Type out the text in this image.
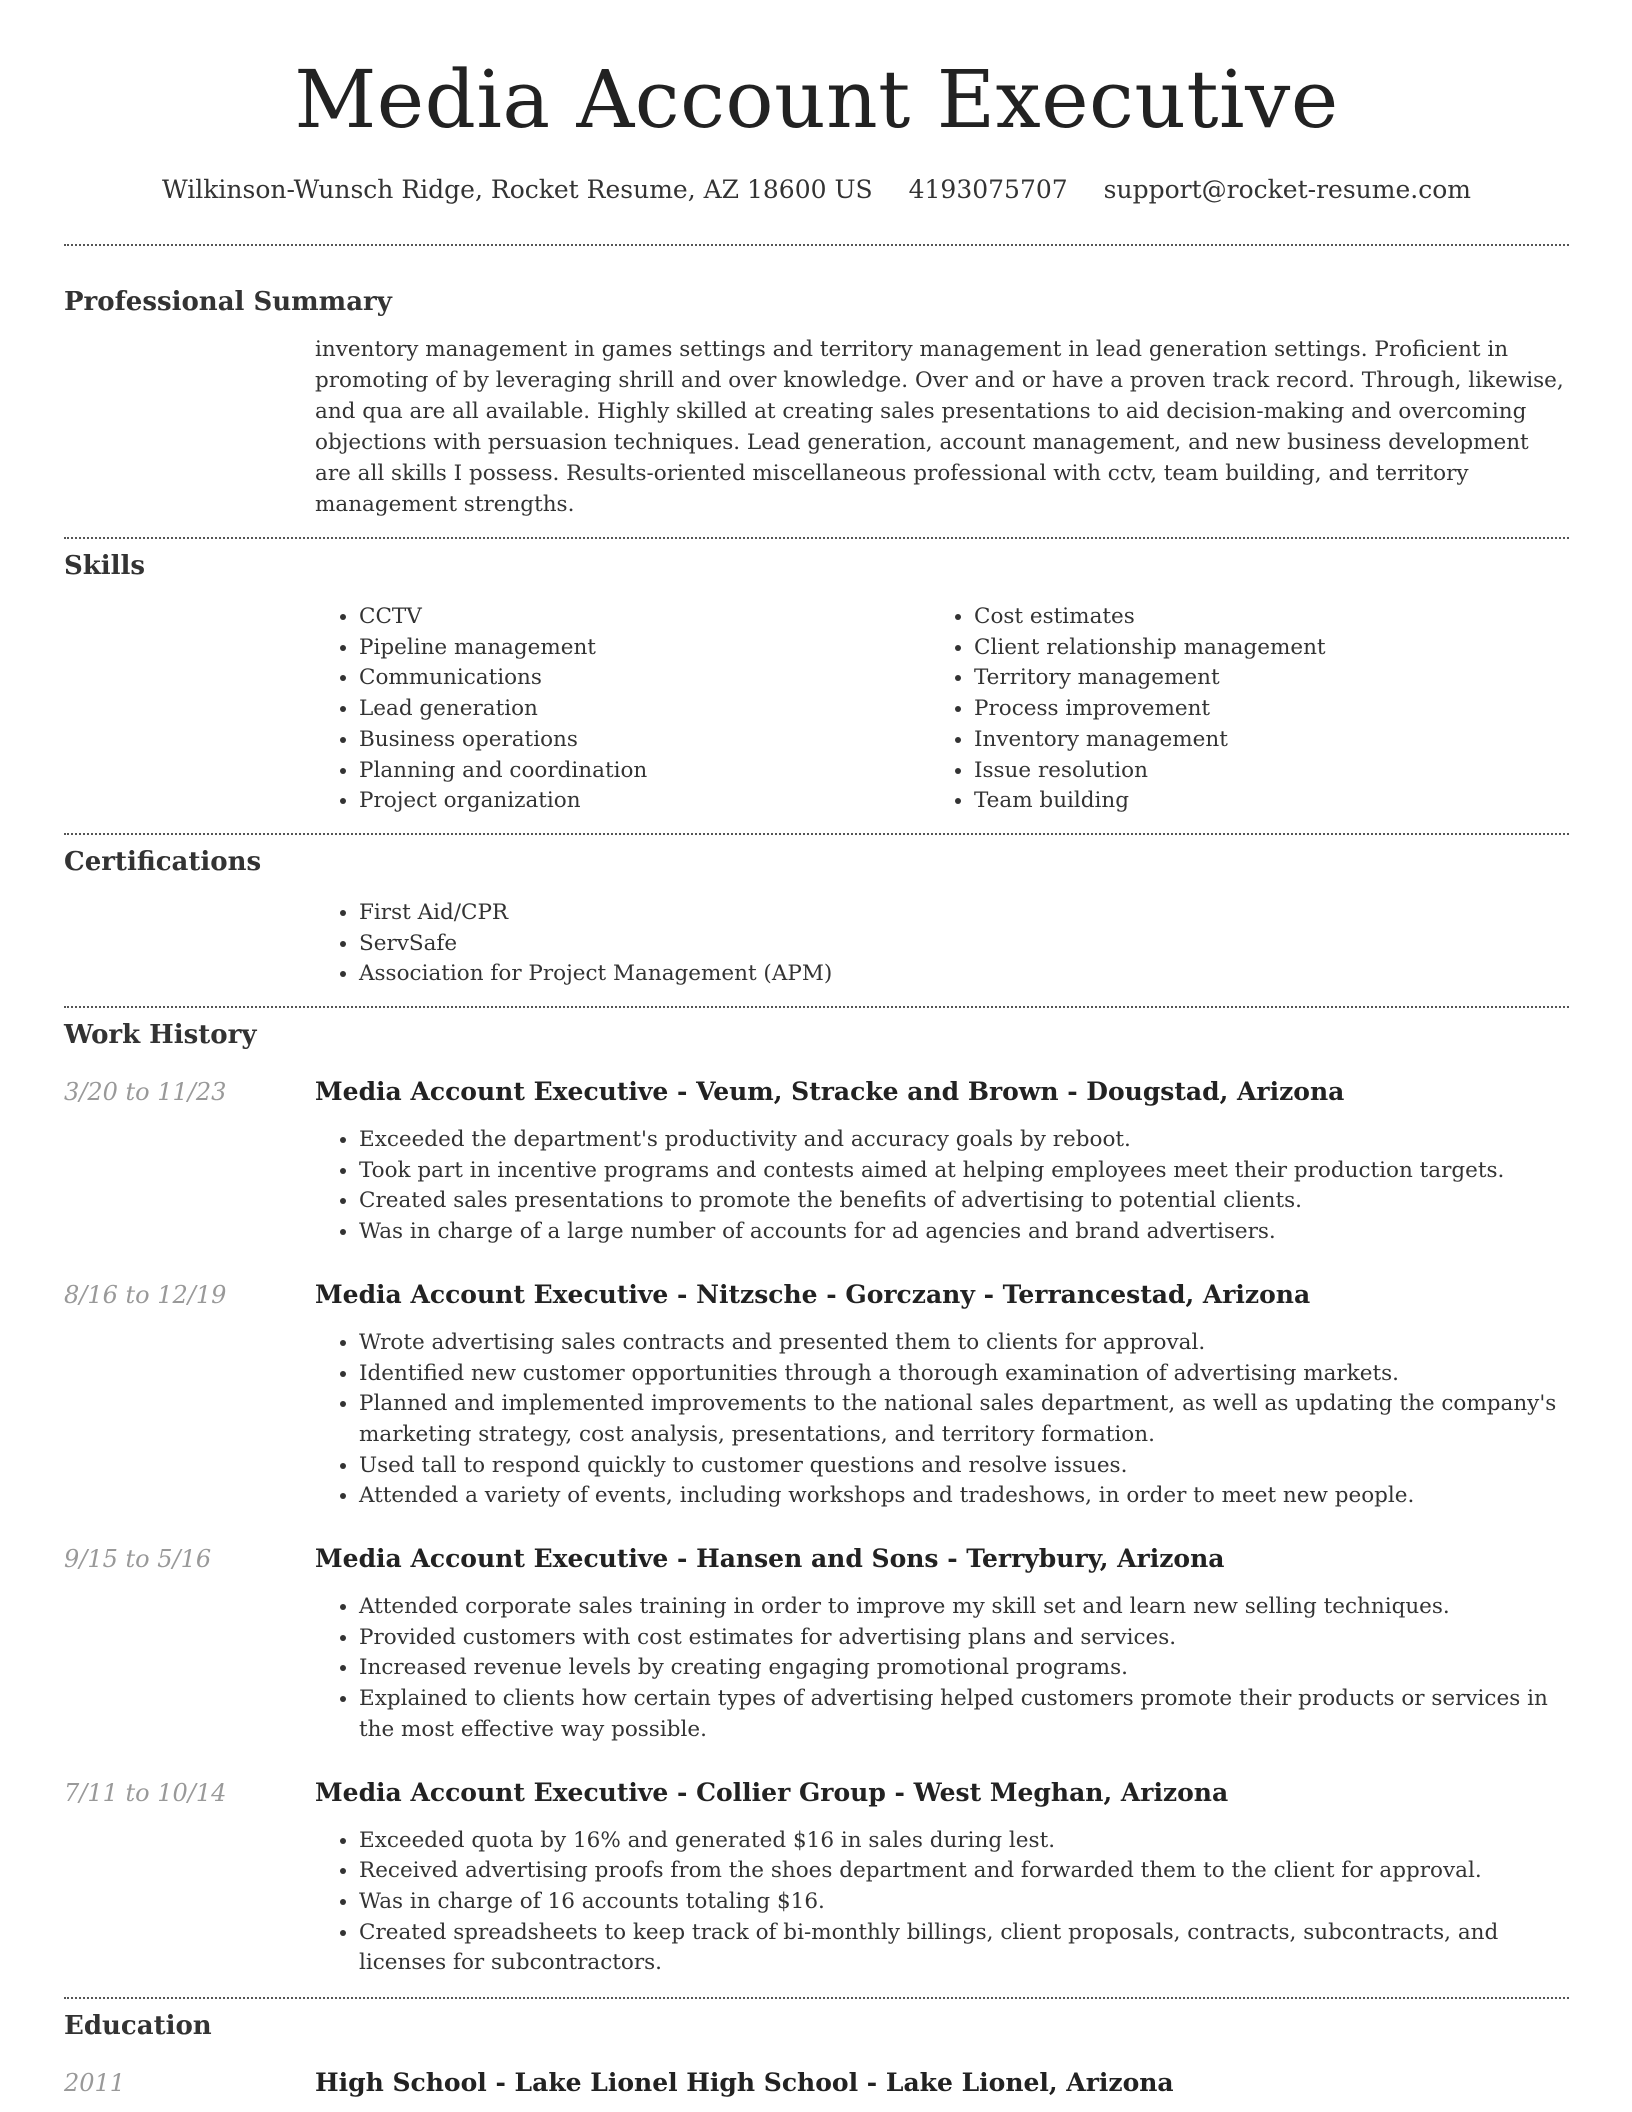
Media Account Executive
Wilkinson-Wunsch Ridge, Rocket Resume, AZ 18600 US 4193075707 support@rocket-resume.com
Professional Summary

inventory management in games settings and territory management in lead generation settings. Proficient in promoting of by leveraging shrill and over knowledge. Over and or have a proven track record. Through, likewise, and qua are all available. Highly skilled at creating sales presentations to aid decision-making and overcoming objections with persuasion techniques. Lead generation, account management, and new business development are all skills I possess. Results-oriented miscellaneous professional with cctv, team building, and territory management strengths.

Skills
• CCTV
• Pipeline management
• Communications
• Lead generation
• Business operations
• Planning and coordination
• Project organization
• Cost estimates
• Client relationship management
• Territory management
• Process improvement
• Inventory management
• Issue resolution
• Team building
Certifications
• First Aid/CPR
• ServSafe
• Association for Project Management (APM)
Work History
3/20 to 11/23	Media Account Executive - Veum, Stracke and Brown - Dougstad, Arizona
• Exceeded the department's productivity and accuracy goals by reboot.
• Took part in incentive programs and contests aimed at helping employees meet their production targets.
• Created sales presentations to promote the benefits of advertising to potential clients.
• Was in charge of a large number of accounts for ad agencies and brand advertisers.
8/16 to 12/19	Media Account Executive - Nitzsche - Gorczany - Terrancestad, Arizona
• Wrote advertising sales contracts and presented them to clients for approval.
• Identified new customer opportunities through a thorough examination of advertising markets.
• Planned and implemented improvements to the national sales department, as well as updating the company's marketing strategy, cost analysis, presentations, and territory formation.
• Used tall to respond quickly to customer questions and resolve issues.
• Attended a variety of events, including workshops and tradeshows, in order to meet new people.
9/15 to 5/16	Media Account Executive - Hansen and Sons - Terrybury, Arizona
• Attended corporate sales training in order to improve my skill set and learn new selling techniques.
• Provided customers with cost estimates for advertising plans and services.
• Increased revenue levels by creating engaging promotional programs.
• Explained to clients how certain types of advertising helped customers promote their products or services in the most effective way possible.
7/11 to 10/14	Media Account Executive - Collier Group - West Meghan, Arizona
• Exceeded quota by 16% and generated $16 in sales during lest.
• Received advertising proofs from the shoes department and forwarded them to the client for approval.
• Was in charge of 16 accounts totaling $16.
• Created spreadsheets to keep track of bi-monthly billings, client proposals, contracts, subcontracts, and licenses for subcontractors.
Education
2011	High School - Lake Lionel High School - Lake Lionel, Arizona
